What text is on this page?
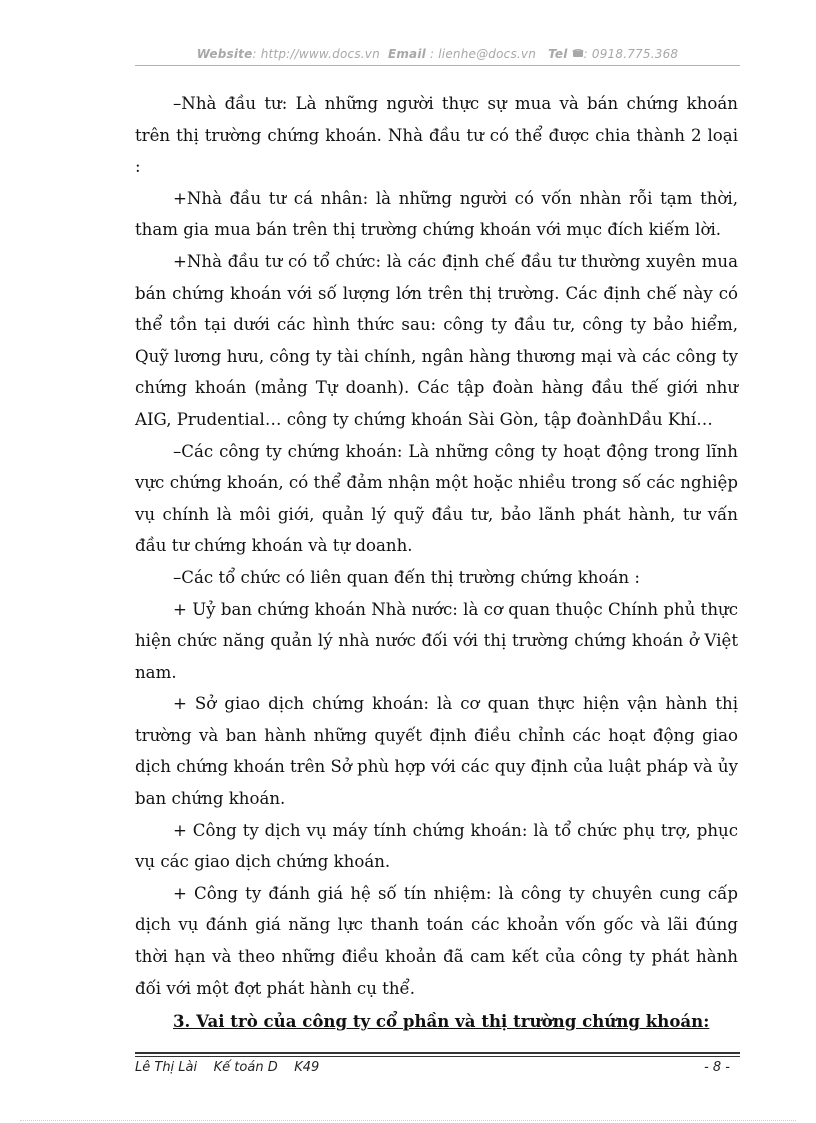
Website: http://www.docs.vn Email : lienhe@docs.vn Tel : 0918.775.368

–Nhà đầu tư: Là những người thực sự mua và bán chứng khoán trên thị trường chứng khoán. Nhà đầu tư có thể được chia thành 2 loại :

+Nhà đầu tư cá nhân: là những người có vốn nhàn rỗi tạm thời, tham gia mua bán trên thị trường chứng khoán với mục đích kiếm lời.

+Nhà đầu tư có tổ chức: là các định chế đầu tư thường xuyên mua bán chứng khoán với số lượng lớn trên thị trường. Các định chế này có thể tồn tại dưới các hình thức sau: công ty đầu tư, công ty bảo hiểm, Quỹ lương hưu, công ty tài chính, ngân hàng thương mại và các công ty chứng khoán (mảng Tự doanh). Các tập đoàn hàng đầu thế giới như AIG, Prudential… công ty chứng khoán Sài Gòn, tập đoànhDầu Khí…

–Các công ty chứng khoán: Là những công ty hoạt động trong lĩnh vực chứng khoán, có thể đảm nhận một hoặc nhiều trong số các nghiệp vụ chính là môi giới, quản lý quỹ đầu tư, bảo lãnh phát hành, tư vấn đầu tư chứng khoán và tự doanh.

–Các tổ chức có liên quan đến thị trường chứng khoán :

+ Uỷ ban chứng khoán Nhà nước: là cơ quan thuộc Chính phủ thực hiện chức năng quản lý nhà nước đối với thị trường chứng khoán ở Việt nam.

+ Sở giao dịch chứng khoán: là cơ quan thực hiện vận hành thị trường và ban hành những quyết định điều chỉnh các hoạt động giao dịch chứng khoán trên Sở phù hợp với các quy định của luật pháp và ủy ban chứng khoán.

+ Công ty dịch vụ máy tính chứng khoán: là tổ chức phụ trợ, phục vụ các giao dịch chứng khoán.

+ Công ty đánh giá hệ số tín nhiệm: là công ty chuyên cung cấp dịch vụ đánh giá năng lực thanh toán các khoản vốn gốc và lãi đúng thời hạn và theo những điều khoản đã cam kết của công ty phát hành đối với một đợt phát hành cụ thể.

3. Vai trò của công ty cổ phần và thị trường chứng khoán:

Lê Thị Lài    Kế toán D    K49	- 8 -
